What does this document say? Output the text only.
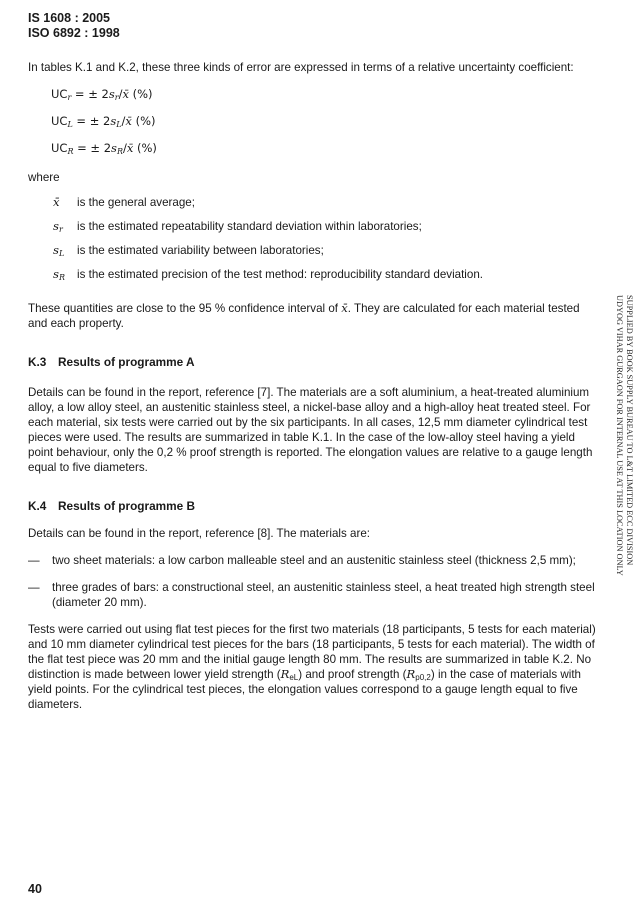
IS 1608 : 2005
ISO 6892 : 1998

In tables K.1 and K.2, these three kinds of error are expressed in terms of a relative uncertainty coefficient:

$UC_r$ = ± $2s_r/x̄$ (%)
$UC_L$ = ± $2s_L/x̄$ (%)
$UC_R$ = ± $2s_R/x̄$ (%)

where

x̄	is the general average;
$s_r$	is the estimated repeatability standard deviation within laboratories;
$s_L$	is the estimated variability between laboratories;
$s_R$	is the estimated precision of the test method: reproducibility standard deviation.

These quantities are close to the 95 % confidence interval of x̄. They are calculated for each material tested and each property.

K.3 Results of programme A

Details can be found in the report, reference [7]. The materials are a soft aluminium, a heat-treated aluminium alloy, a low alloy steel, an austenitic stainless steel, a nickel-base alloy and a high-alloy heat treated steel. For each material, six tests were carried out by the six participants. In all cases, 12,5 mm diameter cylindrical test pieces were used. The results are summarized in table K.1. In the case of the low-alloy steel having a yield point behaviour, only the 0,2 % proof strength is reported. The elongation values are relative to a gauge length equal to five diameters.

K.4 Results of programme B

Details can be found in the report, reference [8]. The materials are:

— two sheet materials: a low carbon malleable steel and an austenitic stainless steel (thickness 2,5 mm);
— three grades of bars: a constructional steel, an austenitic stainless steel, a heat treated high strength steel (diameter 20 mm).

Tests were carried out using flat test pieces for the first two materials (18 participants, 5 tests for each material) and 10 mm diameter cylindrical test pieces for the bars (18 participants, 5 tests for each material). The width of the flat test piece was 20 mm and the initial gauge length 80 mm. The results are summarized in table K.2. No distinction is made between lower yield strength $(R_{eL})$ and proof strength $(R_{p0,2})$ in the case of materials with yield points. For the cylindrical test pieces, the elongation values correspond to a gauge length equal to five diameters.

SUPPLIED BY BOOK SUPPLY BUREAU TO L&T LIMITED ECC DIVISION
UDYOG VIHAR GURGAON FOR INTERNAL USE AT THIS LOCATION ONLY
40
